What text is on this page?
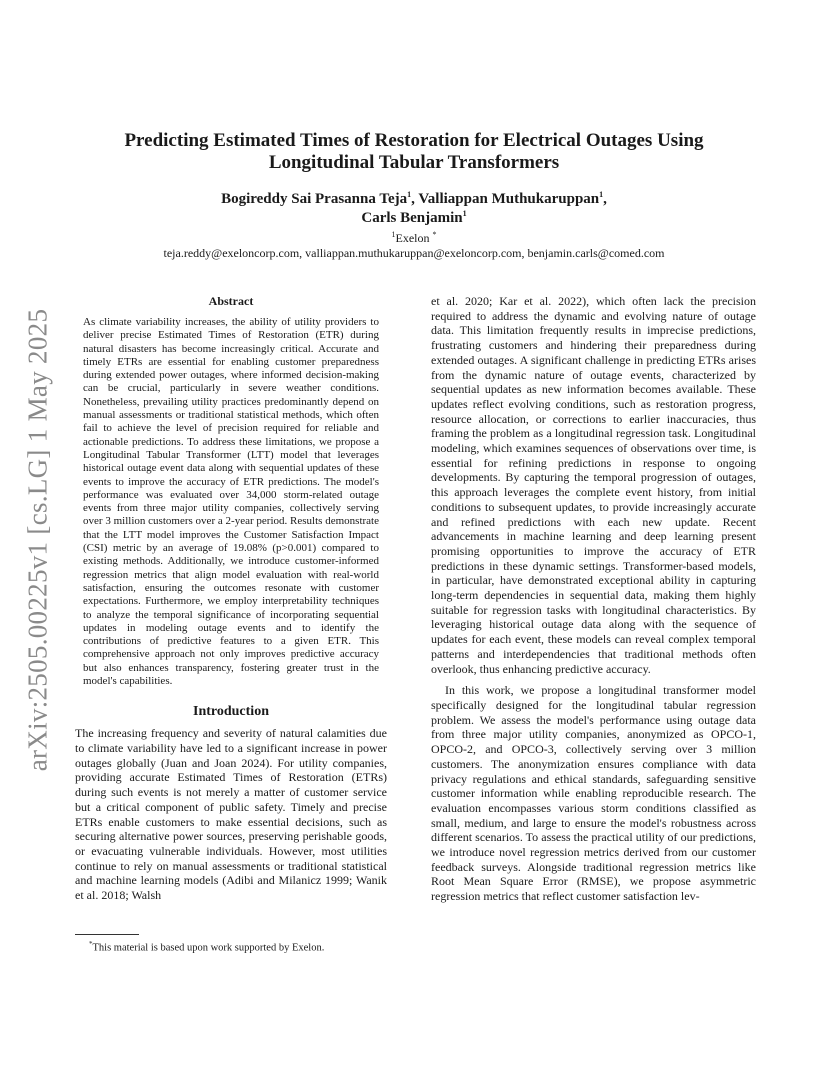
arXiv:2505.00225v1 [cs.LG] 1 May 2025
Predicting Estimated Times of Restoration for Electrical Outages Using
Longitudinal Tabular Transformers
Bogireddy Sai Prasanna Teja$^1$, Valliappan Muthukaruppan$^1$,
Carls Benjamin$^1$
$^1$Exelon *
teja.reddy@exeloncorp.com, valliappan.muthukaruppan@exeloncorp.com, benjamin.carls@comed.com
Abstract

As climate variability increases, the ability of utility providers to deliver precise Estimated Times of Restoration (ETR) during natural disasters has become increasingly critical. Accurate and timely ETRs are essential for enabling customer preparedness during extended power outages, where informed decision-making can be crucial, particularly in severe weather conditions. Nonetheless, prevailing utility practices predominantly depend on manual assessments or traditional statistical methods, which often fail to achieve the level of precision required for reliable and actionable predictions. To address these limitations, we propose a Longitudinal Tabular Transformer (LTT) model that leverages historical outage event data along with sequential updates of these events to improve the accuracy of ETR predictions. The model's performance was evaluated over 34,000 storm-related outage events from three major utility companies, collectively serving over 3 million customers over a 2-year period. Results demonstrate that the LTT model improves the Customer Satisfaction Impact (CSI) metric by an average of 19.08% (p>0.001) compared to existing methods. Additionally, we introduce customer-informed regression metrics that align model evaluation with real-world satisfaction, ensuring the outcomes resonate with customer expectations. Furthermore, we employ interpretability techniques to analyze the temporal significance of incorporating sequential updates in modeling outage events and to identify the contributions of predictive features to a given ETR. This comprehensive approach not only improves predictive accuracy but also enhances transparency, fostering greater trust in the model's capabilities.

Introduction

The increasing frequency and severity of natural calamities due to climate variability have led to a significant increase in power outages globally (Juan and Joan 2024). For utility companies, providing accurate Estimated Times of Restoration (ETRs) during such events is not merely a matter of customer service but a critical component of public safety. Timely and precise ETRs enable customers to make essential decisions, such as securing alternative power sources, preserving perishable goods, or evacuating vulnerable individuals. However, most utilities continue to rely on manual assessments or traditional statistical and machine learning models (Adibi and Milanicz 1999; Wanik et al. 2018; Walsh

et al. 2020; Kar et al. 2022), which often lack the precision required to address the dynamic and evolving nature of outage data. This limitation frequently results in imprecise predictions, frustrating customers and hindering their preparedness during extended outages. A significant challenge in predicting ETRs arises from the dynamic nature of outage events, characterized by sequential updates as new information becomes available. These updates reflect evolving conditions, such as restoration progress, resource allocation, or corrections to earlier inaccuracies, thus framing the problem as a longitudinal regression task. Longitudinal modeling, which examines sequences of observations over time, is essential for refining predictions in response to ongoing developments. By capturing the temporal progression of outages, this approach leverages the complete event history, from initial conditions to subsequent updates, to provide increasingly accurate and refined predictions with each new update. Recent advancements in machine learning and deep learning present promising opportunities to improve the accuracy of ETR predictions in these dynamic settings. Transformer-based models, in particular, have demonstrated exceptional ability in capturing long-term dependencies in sequential data, making them highly suitable for regression tasks with longitudinal characteristics. By leveraging historical outage data along with the sequence of updates for each event, these models can reveal complex temporal patterns and interdependencies that traditional methods often overlook, thus enhancing predictive accuracy.

In this work, we propose a longitudinal transformer model specifically designed for the longitudinal tabular regression problem. We assess the model's performance using outage data from three major utility companies, anonymized as OPCO-1, OPCO-2, and OPCO-3, collectively serving over 3 million customers. The anonymization ensures compliance with data privacy regulations and ethical standards, safeguarding sensitive customer information while enabling reproducible research. The evaluation encompasses various storm conditions classified as small, medium, and large to ensure the model's robustness across different scenarios. To assess the practical utility of our predictions, we introduce novel regression metrics derived from our customer feedback surveys. Alongside traditional regression metrics like Root Mean Square Error (RMSE), we propose asymmetric regression metrics that reflect customer satisfaction lev-

*This material is based upon work supported by Exelon.
